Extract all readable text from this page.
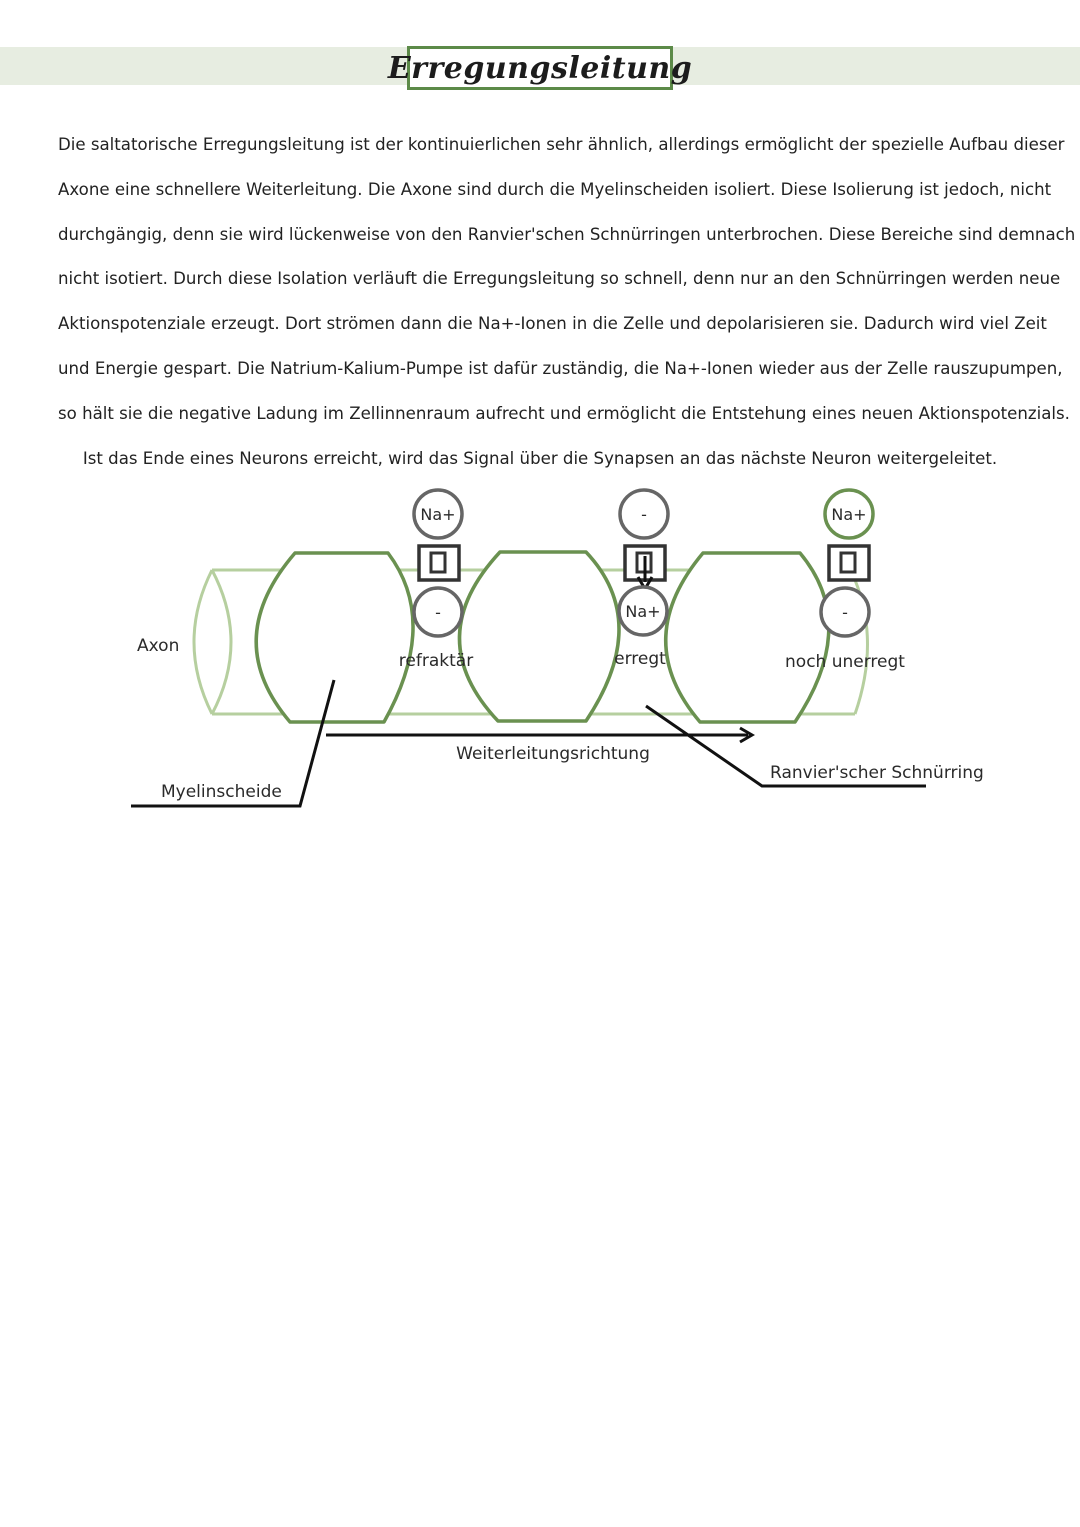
Erregungsleitung

Die saltatorische Erregungsleitung ist der kontinuierlichen sehr ähnlich, allerdings ermöglicht der spezielle Aufbau dieser

Axone eine schnellere Weiterleitung. Die Axone sind durch die Myelinscheiden isoliert. Diese Isolierung ist jedoch, nicht

durchgängig, denn sie wird lückenweise von den Ranvier'schen Schnürringen unterbrochen. Diese Bereiche sind demnach

nicht isotiert. Durch diese Isolation verläuft die Erregungsleitung so schnell, denn nur an den Schnürringen werden neue

Aktionspotenziale erzeugt. Dort strömen dann die Na+-Ionen in die Zelle und depolarisieren sie. Dadurch wird viel Zeit

und Energie gespart. Die Natrium-Kalium-Pumpe ist dafür zuständig, die Na+-Ionen wieder aus der Zelle rauszupumpen,

so hält sie die negative Ladung im Zellinnenraum aufrecht und ermöglicht die Entstehung eines neuen Aktionspotenzials.

Ist das Ende eines Neurons erreicht, wird das Signal über die Synapsen an das nächste Neuron weitergeleitet.

Na+
-
refraktär
-
Na+
erregt
Na+
-
noch unerregt
Axon
Weiterleitungsrichtung
Myelinscheide
Ranvier'scher Schnürring
